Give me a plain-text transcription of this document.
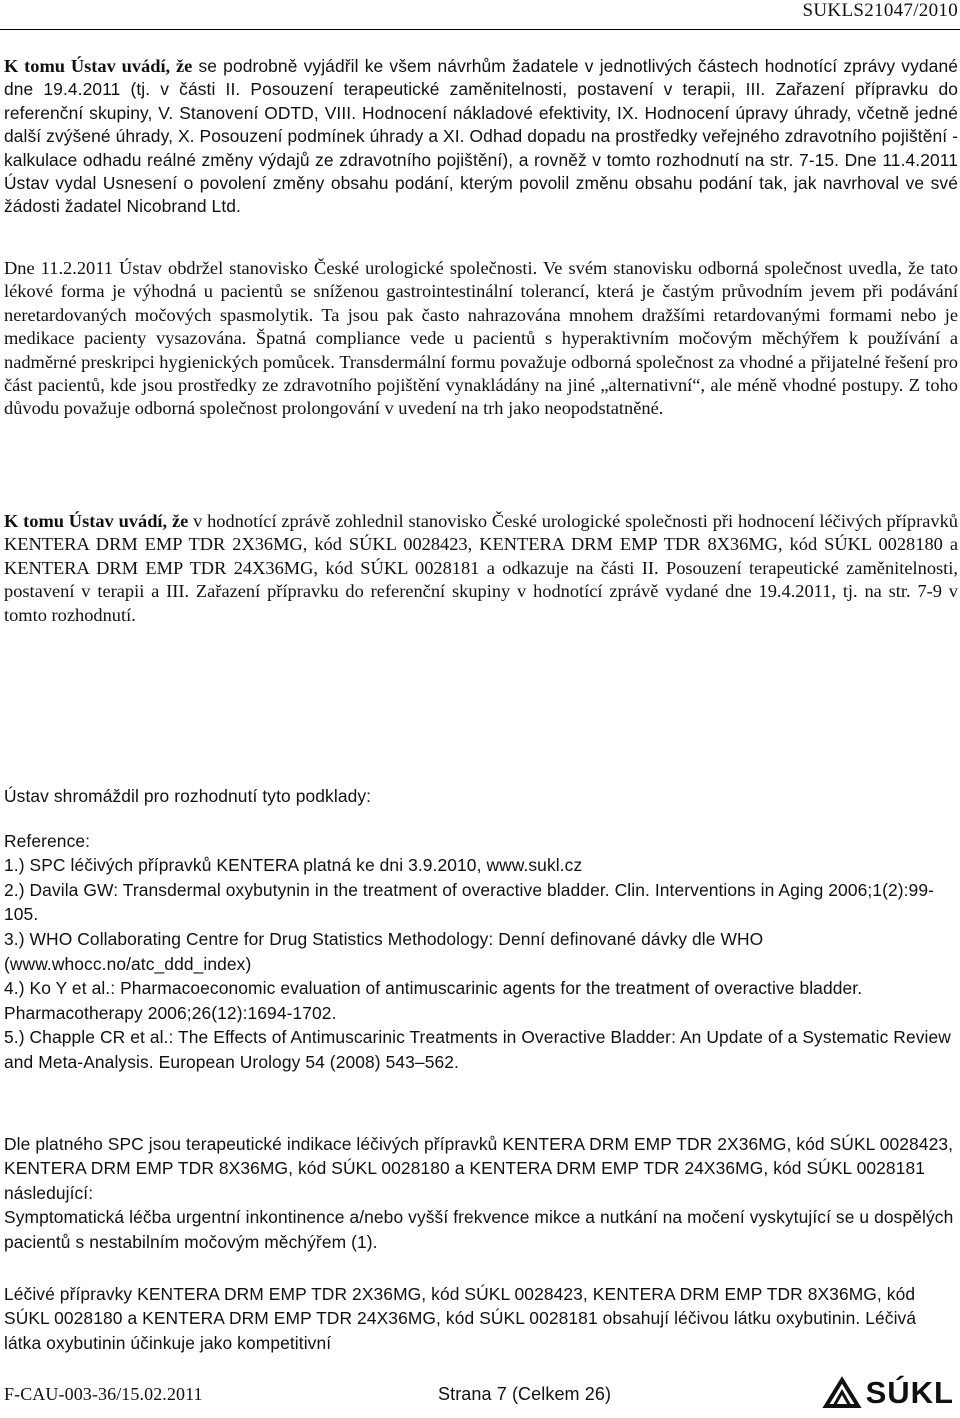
SUKLS21047/2010

K tomu Ústav uvádí, že se podrobně vyjádřil ke všem návrhům žadatele v jednotlivých částech hodnotící zprávy vydané dne 19.4.2011 (tj. v části II. Posouzení terapeutické zaměnitelnosti, postavení v terapii, III. Zařazení přípravku do referenční skupiny, V. Stanovení ODTD, VIII. Hodnocení nákladové efektivity, IX. Hodnocení úpravy úhrady, včetně jedné další zvýšené úhrady, X. Posouzení podmínek úhrady a XI. Odhad dopadu na prostředky veřejného zdravotního pojištění - kalkulace odhadu reálné změny výdajů ze zdravotního pojištění), a rovněž v tomto rozhodnutí na str. 7-15. Dne 11.4.2011 Ústav vydal Usnesení o povolení změny obsahu podání, kterým povolil změnu obsahu podání tak, jak navrhoval ve své žádosti žadatel Nicobrand Ltd.

Dne 11.2.2011 Ústav obdržel stanovisko České urologické společnosti. Ve svém stanovisku odborná společnost uvedla, že tato lékové forma je výhodná u pacientů se sníženou gastrointestinální tolerancí, která je častým průvodním jevem při podávání neretardovaných močových spasmolytik. Ta jsou pak často nahrazována mnohem dražšími retardovanými formami nebo je medikace pacienty vysazována. Špatná compliance vede u pacientů s hyperaktivním močovým měchýřem k používání a nadměrné preskripci hygienických pomůcek. Transdermální formu považuje odborná společnost za vhodné a přijatelné řešení pro část pacientů, kde jsou prostředky ze zdravotního pojištění vynakládány na jiné „alternativní“, ale méně vhodné postupy. Z toho důvodu považuje odborná společnost prolongování v uvedení na trh jako neopodstatněné.

K tomu Ústav uvádí, že v hodnotící zprávě zohlednil stanovisko České urologické společnosti při hodnocení léčivých přípravků KENTERA DRM EMP TDR 2X36MG, kód SÚKL 0028423, KENTERA DRM EMP TDR 8X36MG, kód SÚKL 0028180 a KENTERA DRM EMP TDR 24X36MG, kód SÚKL 0028181 a odkazuje na části II. Posouzení terapeutické zaměnitelnosti, postavení v terapii a III. Zařazení přípravku do referenční skupiny v hodnotící zprávě vydané dne 19.4.2011, tj. na str. 7-9 v tomto rozhodnutí.

Ústav shromáždil pro rozhodnutí tyto podklady:

Reference:

1.) SPC léčivých přípravků KENTERA platná ke dni 3.9.2010, www.sukl.cz

2.) Davila GW: Transdermal oxybutynin in the treatment of overactive bladder. Clin. Interventions in Aging 2006;1(2):99-105.

3.) WHO Collaborating Centre for Drug Statistics Methodology: Denní definované dávky dle WHO (www.whocc.no/atc_ddd_index)

4.) Ko Y et al.: Pharmacoeconomic evaluation of antimuscarinic agents for the treatment of overactive bladder. Pharmacotherapy 2006;26(12):1694-1702.

5.) Chapple CR et al.: The Effects of Antimuscarinic Treatments in Overactive Bladder: An Update of a Systematic Review and Meta-Analysis. European Urology 54 (2008) 543–562.

Dle platného SPC jsou terapeutické indikace léčivých přípravků KENTERA DRM EMP TDR 2X36MG, kód SÚKL 0028423, KENTERA DRM EMP TDR 8X36MG, kód SÚKL 0028180 a KENTERA DRM EMP TDR 24X36MG, kód SÚKL 0028181 následující:

Symptomatická léčba urgentní inkontinence a/nebo vyšší frekvence mikce a nutkání na močení vyskytující se u dospělých pacientů s nestabilním močovým měchýřem (1).

Léčivé přípravky KENTERA DRM EMP TDR 2X36MG, kód SÚKL 0028423, KENTERA DRM EMP TDR 8X36MG, kód SÚKL 0028180 a KENTERA DRM EMP TDR 24X36MG, kód SÚKL 0028181 obsahují léčivou látku oxybutinin. Léčivá látka oxybutinin účinkuje jako kompetitivní

F-CAU-003-36/15.02.2011	Strana 7 (Celkem 26)	SÚKL
